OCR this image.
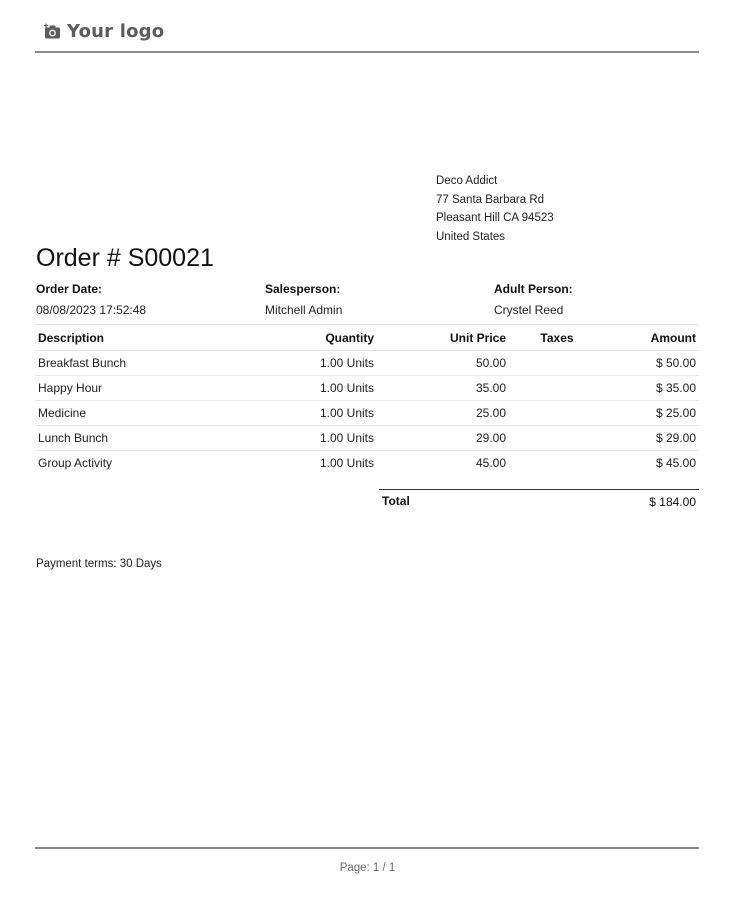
Your logo
Deco Addict
77 Santa Barbara Rd
Pleasant Hill CA 94523
United States
Order # S00021
Order Date:
08/08/2023 17:52:48
Salesperson:
Mitchell Admin
Adult Person:
Crystel Reed
Description	Quantity	Unit Price	Taxes	Amount
Breakfast Bunch	1.00 Units	50.00		$ 50.00
Happy Hour	1.00 Units	35.00		$ 35.00
Medicine	1.00 Units	25.00		$ 25.00
Lunch Bunch	1.00 Units	29.00		$ 29.00
Group Activity	1.00 Units	45.00		$ 45.00
Total	$ 184.00
Payment terms: 30 Days
Page: 1 / 1
